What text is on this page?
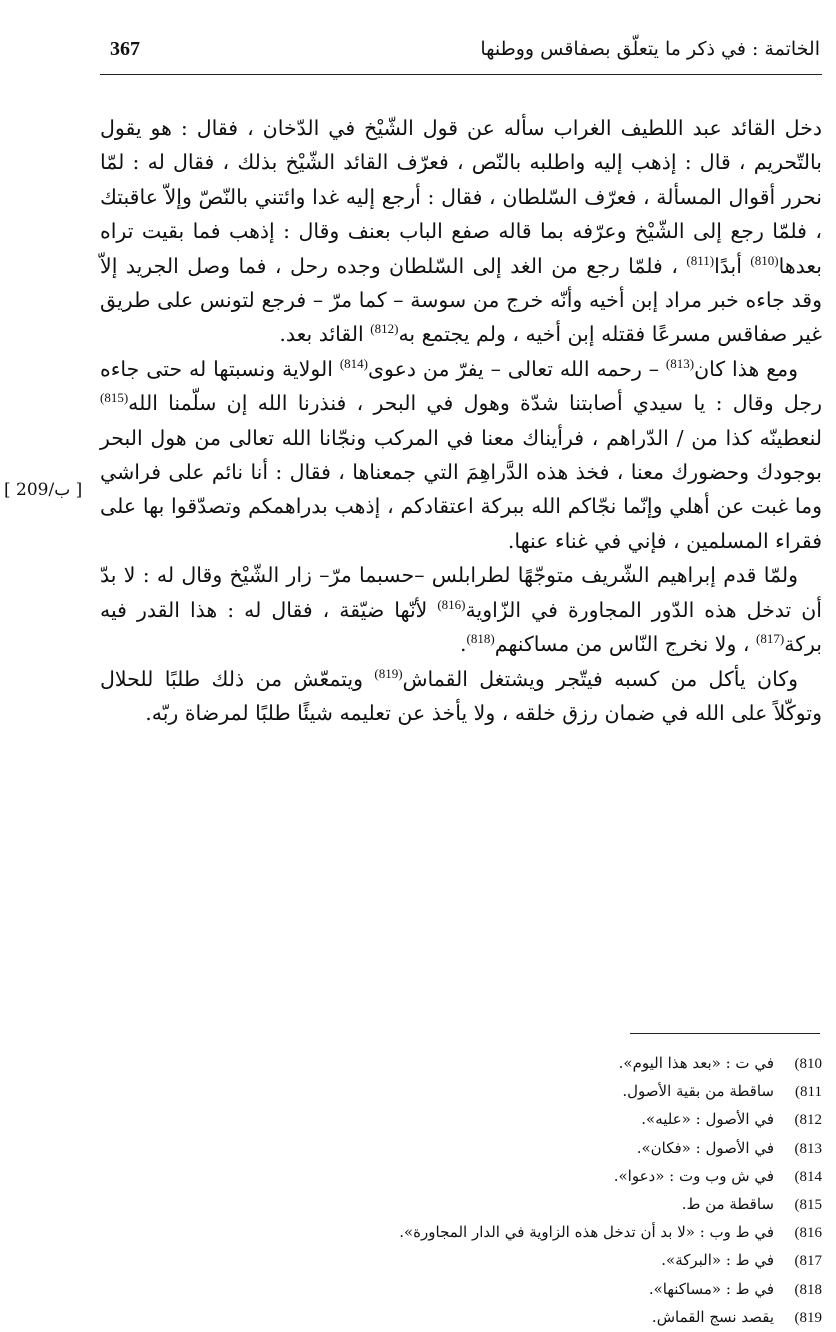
367	الخاتمة : في ذكر ما يتعلّق بصفاقس ووطنها
[ 209/ب ]

دخل القائد عبد اللطيف الغراب سأله عن قول الشّيْخ في الدّخان ، فقال : هو يقول بالتّحريم ، قال : إذهب إليه واطلبه بالنّص ، فعرّف القائد الشّيْخ بذلك ، فقال له : لمّا نحرر أقوال المسألة ، فعرّف السّلطان ، فقال : أرجع إليه غدا وائتني بالنّصّ وإلاّ عاقبتك ، فلمّا رجع إلى الشّيْخ وعرّفه بما قاله صفع الباب بعنف وقال : إذهب فما بقيت تراه بعدها$^{(810)}$ أبدًا$^{(811)}$ ، فلمّا رجع من الغد إلى السّلطان وجده رحل ، فما وصل الجريد إلاّ وقد جاءه خبر مراد إبن أخيه وأنّه خرج من سوسة – كما مرّ – فرجع لتونس على طريق غير صفاقس مسرعًا فقتله إبن أخيه ، ولم يجتمع به$^{(812)}$ القائد بعد.

ومع هذا كان$^{(813)}$ – رحمه الله تعالى – يفرّ من دعوى$^{(814)}$ الولاية ونسبتها له حتى جاءه رجل وقال : يا سيدي أصابتنا شدّة وهول في البحر ، فنذرنا الله إن سلّمنا الله$^{(815)}$ لنعطينّه كذا من / الدّراهم ، فرأيناك معنا في المركب ونجّانا الله تعالى من هول البحر بوجودك وحضورك معنا ، فخذ هذه الدَّراهِمَ التي جمعناها ، فقال : أنا نائم على فراشي وما غبت عن أهلي وإنّما نجّاكم الله ببركة اعتقادكم ، إذهب بدراهمكم وتصدّقوا بها على فقراء المسلمين ، فإني في غناء عنها.

ولمّا قدم إبراهيم الشّريف متوجّهًا لطرابلس –حسبما مرّ– زار الشّيْخ وقال له : لا بدّ أن تدخل هذه الدّور المجاورة في الزّاوية$^{(816)}$ لأنّها ضيّقة ، فقال له : هذا القدر فيه بركة$^{(817)}$ ، ولا نخرج النّاس من مساكنهم$^{(818)}$.

وكان يأكل من كسبه فيتّجر ويشتغل القماش$^{(819)}$ ويتمعّش من ذلك طلبًا للحلال وتوكّلاً على الله في ضمان رزق خلقه ، ولا يأخذ عن تعليمه شيئًا طلبًا لمرضاة ربّه.

(810في ت : «بعد هذا اليوم».
(811ساقطة من بقية الأصول.
(812في الأصول : «عليه».
(813في الأصول : «فكان».
(814في ش وب وت : «دعوا».
(815ساقطة من ط.
(816في ط وب : «لا بد أن تدخل هذه الزاوية في الدار المجاورة».
(817في ط : «البركة».
(818في ط : «مساكنها».
(819يقصد نسج القماش.
